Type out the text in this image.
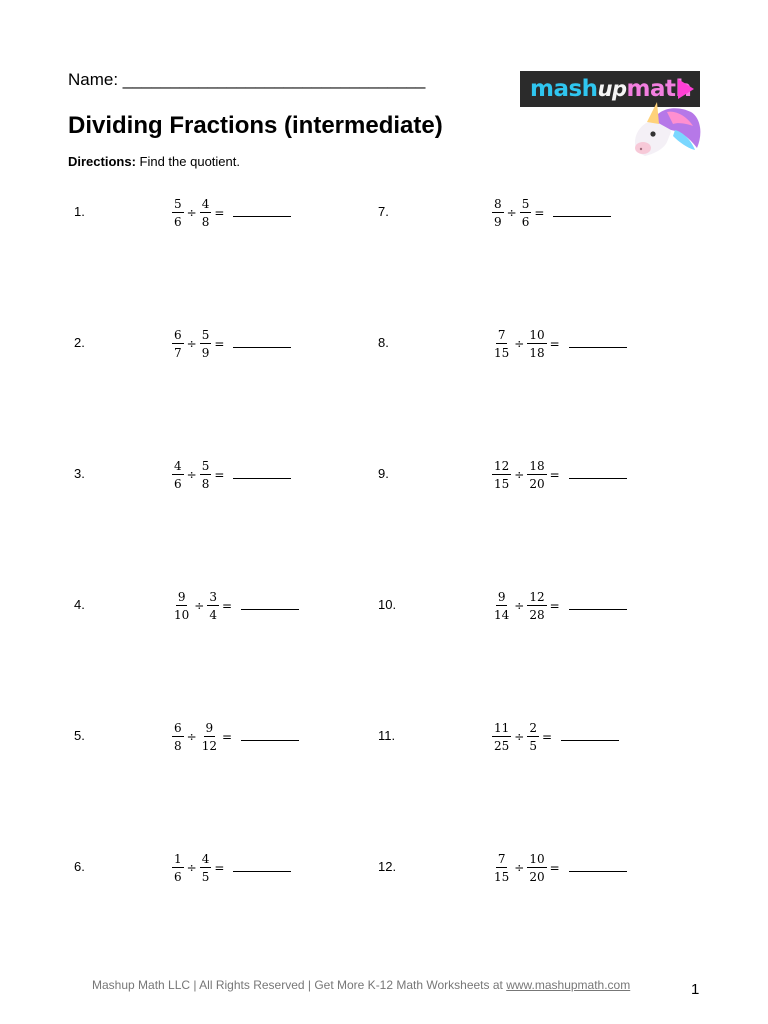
Name: ________________________________	mashupmath
Dividing Fractions (intermediate)
Directions: Find the quotient.
1.	$\frac{5}{6} \div \frac{4}{8}$ =
2.	$\frac{6}{7} \div \frac{5}{9}$ =
3.	$\frac{4}{6} \div \frac{5}{8}$ =
4.	$\frac{9}{10} \div \frac{3}{4}$ =
5.	$\frac{6}{8} \div \frac{9}{12}$ =
6.	$\frac{1}{6} \div \frac{4}{5}$ =
7.	$\frac{8}{9} \div \frac{5}{6}$ =
8.	$\frac{7}{15} \div \frac{10}{18}$ =
9.	$\frac{12}{15} \div \frac{18}{20}$ =
10.	$\frac{9}{14} \div \frac{12}{28}$ =
11.	$\frac{11}{25} \div \frac{2}{5}$ =
12.	$\frac{7}{15} \div \frac{10}{20}$ =
Mashup Math LLC | All Rights Reserved | Get More K-12 Math Worksheets at www.mashupmath.com	1
